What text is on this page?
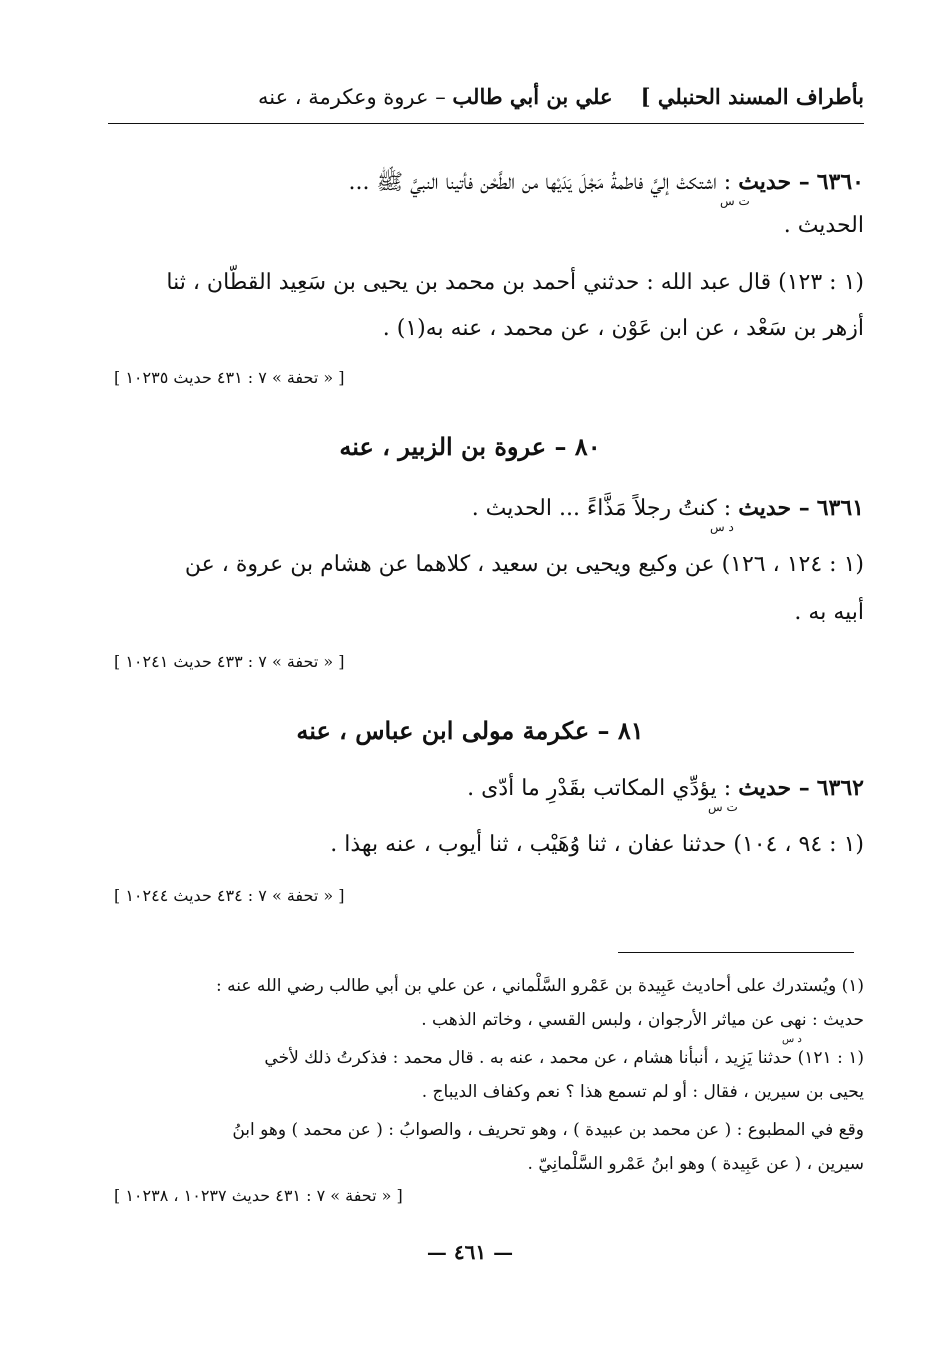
بأطراف المسند الحنبلي ]
علي بن أبي طالب – عروة وعكرمة ، عنه
٦٣٦٠ – حديث : اشتكتْ إليَّ فاطمةُ مَجْلَ يَدَيْها من الطَّحْن فأتينا النبيَّ ﷺ ...
ت س
الحديث .
(١ : ١٢٣) قال عبد الله : حدثني أحمد بن محمد بن يحيى بن سَعِيد القطّان ، ثنا
أزهر بن سَعْد ، عن ابن عَوْن ، عن محمد ، عنه به(١) .
[ « تحفة » ٧ : ٤٣١ حديث ١٠٢٣٥ ]
٨٠ – عروة بن الزبير ، عنه
٦٣٦١ – حديث : كنتُ رجلاً مَذَّاءً ... الحديث .
د س
(١ : ١٢٤ ، ١٢٦) عن وكيع ويحيى بن سعيد ، كلاهما عن هشام بن عروة ، عن
أبيه به .
[ « تحفة » ٧ : ٤٣٣ حديث ١٠٢٤١ ]
٨١ – عكرمة مولى ابن عباس ، عنه
٦٣٦٢ – حديث : يؤدِّي المكاتب بقَدْرِ ما أدّى .
ت س
(١ : ٩٤ ، ١٠٤) حدثنا عفان ، ثنا وُهَيْب ، ثنا أيوب ، عنه بهذا .
[ « تحفة » ٧ : ٤٣٤ حديث ١٠٢٤٤ ]
(١) ويُستدرك على أحاديث عَبِيدة بن عَمْرو السَّلْماني ، عن علي بن أبي طالب رضي الله عنه :
حديث : نهى عن مياثر الأرجوان ، ولبس القسي ، وخاتم الذهب .
د س
(١ : ١٢١) حدثنا يَزِيد ، أنبأنا هشام ، عن محمد ، عنه به . قال محمد : فذكرتُ ذلك لأخي
يحيى بن سيرين ، فقال : أو لم تسمع هذا ؟ نعم وكفاف الديباج .
وقع في المطبوع : ( عن محمد بن عبيدة ) ، وهو تحريف ، والصوابُ : ( عن محمد ) وهو ابنُ
سيرين ، ( عن عَبِيدة ) وهو ابنُ عَمْرو السَّلْمانِيّ .
[ « تحفة » ٧ : ٤٣١ حديث ١٠٢٣٧ ، ١٠٢٣٨ ]
— ٤٦١ —
